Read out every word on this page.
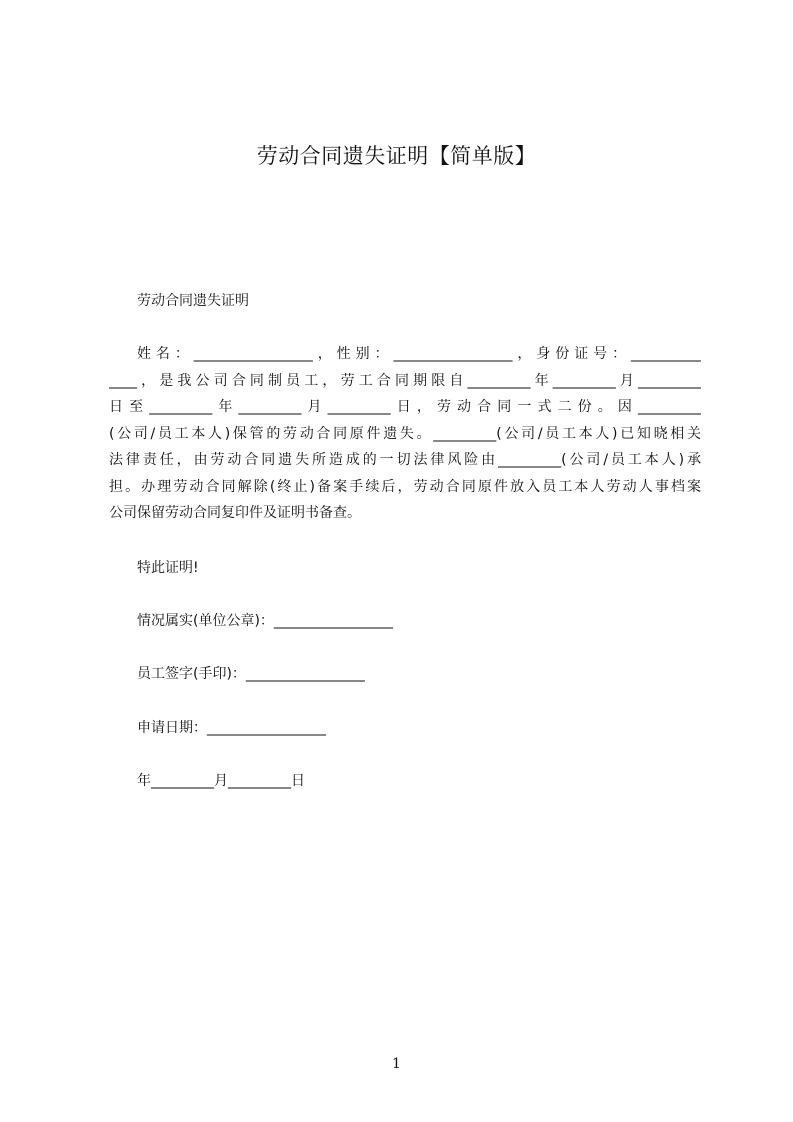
劳动合同遗失证明【简单版】
劳动合同遗失证明
姓名：_________________，性别：_________________，身份证号：__________
____，是我公司合同制员工，劳工合同期限自_________年_________月_________
日至_________年_________月_________日，劳动合同一式二份。因_________
(公司/员工本人)保管的劳动合同原件遗失。_________(公司/员工本人)已知晓相关
法律责任，由劳动合同遗失所造成的一切法律风险由_________(公司/员工本人)承
担。办理劳动合同解除(终止)备案手续后，劳动合同原件放入员工本人劳动人事档案
公司保留劳动合同复印件及证明书备查。
特此证明!
情况属实(单位公章)：_________________
员工签字(手印)：_________________
申请日期：_________________
年_________月_________日
1
